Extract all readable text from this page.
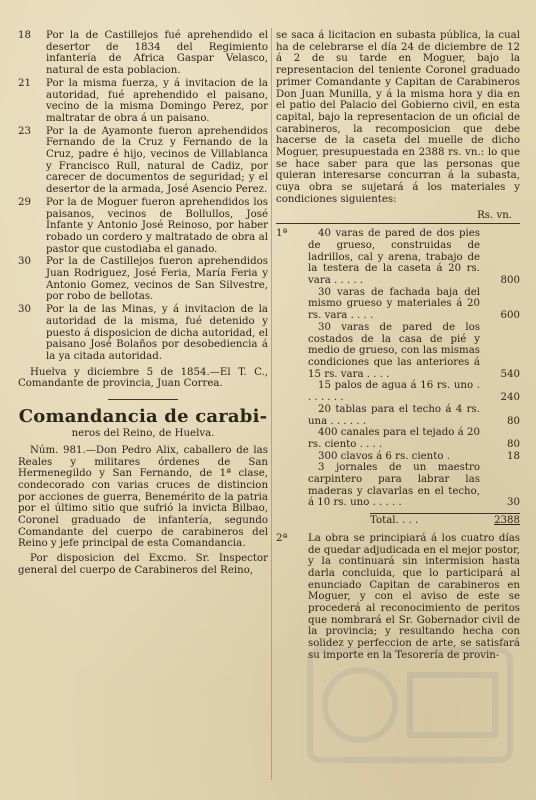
18 Por la de Castillejos fué aprehendido el desertor de 1834 del Regimiento infantería de Africa Gaspar Velasco, natural de esta poblacion.
21 Por la misma fuerza, y á invitacion de la autoridad, fué aprehendido el paisano, vecino de la misma Domingo Perez, por maltratar de obra á un paisano.
23 Por la de Ayamonte fueron aprehendidos Fernando de la Cruz y Fernando de la Cruz, padre é hijo, vecinos de Villablanca y Francisco Rull, natural de Cadiz, por carecer de documentos de seguridad; y el desertor de la armada, José Asencio Perez.
29 Por la de Moguer fueron aprehendidos los paisanos, vecinos de Bollullos, José Infante y Antonio José Reinoso, por haber robado un cordero y maltratado de obra al pastor que custodiaba el ganado.
30 Por la de Castillejos fueron aprehendidos Juan Rodriguez, José Feria, María Feria y Antonio Gomez, vecinos de San Silvestre, por robo de bellotas.
30 Por la de las Minas, y á invitacion de la autoridad de la misma, fué detenido y puesto á disposicion de dicha autoridad, el paisano José Bolaños por desobediencia á la ya citada autoridad.

Huelva y diciembre 5 de 1854.—El T. C., Comandante de provincia, Juan Correa.

Comandancia de carabi-
neros del Reino, de Huelva.

Núm. 981.—Don Pedro Alix, caballero de las Reales y militares órdenes de San Hermenegildo y San Fernando, de 1ª clase, condecorado con varias cruces de distincion por acciones de guerra, Benemérito de la patria por el último sitio que sufrió la invicta Bilbao, Coronel graduado de infantería, segundo Comandante del cuerpo de carabineros del Reino y jefe principal de esta Comandancia.

Por disposicion del Excmo. Sr. Inspector general del cuerpo de Carabineros del Reino,

se saca á licitacion en subasta pública, la cual ha de celebrarse el día 24 de diciembre de 12 á 2 de su tarde en Moguer, bajo la representacion del teniente Coronel graduado primer Comandante y Capitan de Carabineros Don Juan Munilla, y á la misma hora y dia en el patio del Palacio del Gobierno civil, en esta capital, bajo la representacion de un oficial de carabineros, la recomposicion que debe hacerse de la caseta del muelle de dicho Moguer, presupuestada en 2388 rs. vn.: lo que se hace saber para que las personas que quieran interesarse concurran á la subasta, cuya obra se sujetará á los materiales y condiciones siguientes:

Rs. vn.
1ª	40 varas de pared de dos pies de grueso, construidas de ladrillos, cal y arena, trabajo de la testera de la caseta á 20 rs. vara . . . . .	800
30 varas de fachada baja del mismo grueso y materiales á 20 rs. vara . . . .	600
30 varas de pared de los costados de la casa de pié y medio de grueso, con las mismas condiciones que las anteriores á 15 rs. vara . . . .	540
15 palos de agua á 16 rs. uno . . . . . . .	240
20 tablas para el techo á 4 rs. una . . . . . .	80
400 canales para el tejado á 20 rs. ciento . . . .	80
300 clavos á 6 rs. ciento .	18
3 jornales de un maestro carpintero para labrar las maderas y clavarlas en el techo, á 10 rs. uno . . . . .	30
Total. . . .	2388
2ª La obra se principiará á los cuatro días de quedar adjudicada en el mejor postor, y la continuará sin intermision hasta darla concluida, que lo participará al enunciado Capitan de carabineros en Moguer, y con el aviso de este se procederá al reconocimiento de peritos que nombrará el Sr. Gobernador civil de la provincia; y resultando hecha con solidez y perfeccion de arte, se satisfará su importe en la Tesorería de provin-
